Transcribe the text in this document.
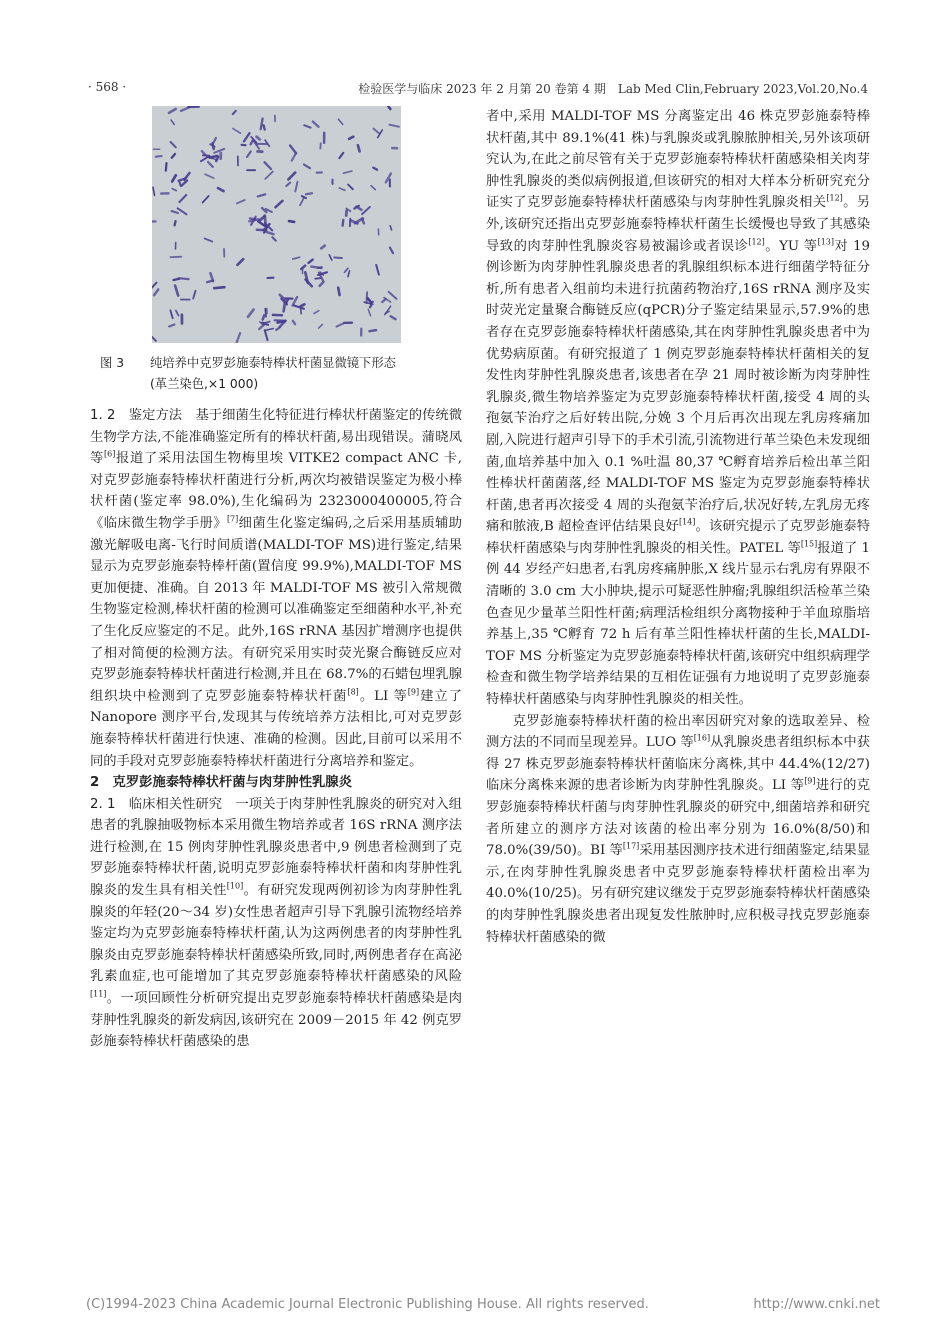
· 568 ·	检验医学与临床 2023 年 2 月第 20 卷第 4 期　Lab Med Clin,February 2023,Vol.20,No.4
图 3 纯培养中克罗彭施泰特棒状杆菌显微镜下形态
(革兰染色,×1 000)

1. 2　 鉴定方法　 基于细菌生化特征进行棒状杆菌鉴定的传统微生物学方法,不能准确鉴定所有的棒状杆菌,易出现错误。蒲晓凤等[6]报道了采用法国生物梅里埃 VITKE2 compact ANC 卡,对克罗彭施泰特棒状杆菌进行分析,两次均被错误鉴定为极小棒状杆菌(鉴定率 98.0%),生化编码为 2323000400005,符合《临床微生物学手册》[7]细菌生化鉴定编码,之后采用基质辅助激光解吸电离-飞行时间质谱(MALDI-TOF MS)进行鉴定,结果显示为克罗彭施泰特棒杆菌(置信度 99.9%),MALDI-TOF MS 更加便捷、准确。自 2013 年 MALDI-TOF MS 被引入常规微生物鉴定检测,棒状杆菌的检测可以准确鉴定至细菌种水平,补充了生化反应鉴定的不足。此外,16S rRNA 基因扩增测序也提供了相对简便的检测方法。有研究采用实时荧光聚合酶链反应对克罗彭施泰特棒状杆菌进行检测,并且在 68.7%的石蜡包埋乳腺组织块中检测到了克罗彭施泰特棒状杆菌[8]。LI 等[9]建立了 Nanopore 测序平台,发现其与传统培养方法相比,可对克罗彭施泰特棒状杆菌进行快速、准确的检测。因此,目前可以采用不同的手段对克罗彭施泰特棒状杆菌进行分离培养和鉴定。

2　克罗彭施泰特棒状杆菌与肉芽肿性乳腺炎

2. 1　 临床相关性研究　 一项关于肉芽肿性乳腺炎的研究对入组患者的乳腺抽吸物标本采用微生物培养或者 16S rRNA 测序法进行检测,在 15 例肉芽肿性乳腺炎患者中,9 例患者检测到了克罗彭施泰特棒状杆菌,说明克罗彭施泰特棒状杆菌和肉芽肿性乳腺炎的发生具有相关性[10]。有研究发现两例初诊为肉芽肿性乳腺炎的年轻(20～34 岁)女性患者超声引导下乳腺引流物经培养鉴定均为克罗彭施泰特棒状杆菌,认为这两例患者的肉芽肿性乳腺炎由克罗彭施泰特棒状杆菌感染所致,同时,两例患者存在高泌乳素血症,也可能增加了其克罗彭施泰特棒状杆菌感染的风险[11]。一项回顾性分析研究提出克罗彭施泰特棒状杆菌感染是肉芽肿性乳腺炎的新发病因,该研究在 2009－2015 年 42 例克罗彭施泰特棒状杆菌感染的患

者中,采用 MALDI-TOF MS 分离鉴定出 46 株克罗彭施泰特棒状杆菌,其中 89.1%(41 株)与乳腺炎或乳腺脓肿相关,另外该项研究认为,在此之前尽管有关于克罗彭施泰特棒状杆菌感染相关肉芽肿性乳腺炎的类似病例报道,但该研究的相对大样本分析研究充分证实了克罗彭施泰特棒状杆菌感染与肉芽肿性乳腺炎相关[12]。另外,该研究还指出克罗彭施泰特棒状杆菌生长缓慢也导致了其感染导致的肉芽肿性乳腺炎容易被漏诊或者误诊[12]。YU 等[13]对 19 例诊断为肉芽肿性乳腺炎患者的乳腺组织标本进行细菌学特征分析,所有患者入组前均未进行抗菌药物治疗,16S rRNA 测序及实时荧光定量聚合酶链反应(qPCR)分子鉴定结果显示,57.9%的患者存在克罗彭施泰特棒状杆菌感染,其在肉芽肿性乳腺炎患者中为优势病原菌。有研究报道了 1 例克罗彭施泰特棒状杆菌相关的复发性肉芽肿性乳腺炎患者,该患者在孕 21 周时被诊断为肉芽肿性乳腺炎,微生物培养鉴定为克罗彭施泰特棒状杆菌,接受 4 周的头孢氨苄治疗之后好转出院,分娩 3 个月后再次出现左乳房疼痛加剧,入院进行超声引导下的手术引流,引流物进行革兰染色未发现细菌,血培养基中加入 0.1 %吐温 80,37 ℃孵育培养后检出革兰阳性棒状杆菌菌落,经 MALDI-TOF MS 鉴定为克罗彭施泰特棒状杆菌,患者再次接受 4 周的头孢氨苄治疗后,状况好转,左乳房无疼痛和脓液,B 超检查评估结果良好[14]。该研究提示了克罗彭施泰特棒状杆菌感染与肉芽肿性乳腺炎的相关性。PATEL 等[15]报道了 1 例 44 岁经产妇患者,右乳房疼痛肿胀,X 线片显示右乳房有界限不清晰的 3.0 cm 大小肿块,提示可疑恶性肿瘤;乳腺组织活检革兰染色查见少量革兰阳性杆菌;病理活检组织分离物接种于羊血琼脂培养基上,35 ℃孵育 72 h 后有革兰阳性棒状杆菌的生长,MALDI-TOF MS 分析鉴定为克罗彭施泰特棒状杆菌,该研究中组织病理学检查和微生物学培养结果的互相佐证强有力地说明了克罗彭施泰特棒状杆菌感染与肉芽肿性乳腺炎的相关性。

克罗彭施泰特棒状杆菌的检出率因研究对象的选取差异、检测方法的不同而呈现差异。LUO 等[16]从乳腺炎患者组织标本中获得 27 株克罗彭施泰特棒状杆菌临床分离株,其中 44.4%(12/27)临床分离株来源的患者诊断为肉芽肿性乳腺炎。LI 等[9]进行的克罗彭施泰特棒状杆菌与肉芽肿性乳腺炎的研究中,细菌培养和研究者所建立的测序方法对该菌的检出率分别为 16.0%(8/50)和 78.0%(39/50)。BI 等[17]采用基因测序技术进行细菌鉴定,结果显示,在肉芽肿性乳腺炎患者中克罗彭施泰特棒状杆菌检出率为 40.0%(10/25)。另有研究建议继发于克罗彭施泰特棒状杆菌感染的肉芽肿性乳腺炎患者出现复发性脓肿时,应积极寻找克罗彭施泰特棒状杆菌感染的微

(C)1994-2023 China Academic Journal Electronic Publishing House. All rights reserved.	http://www.cnki.net
